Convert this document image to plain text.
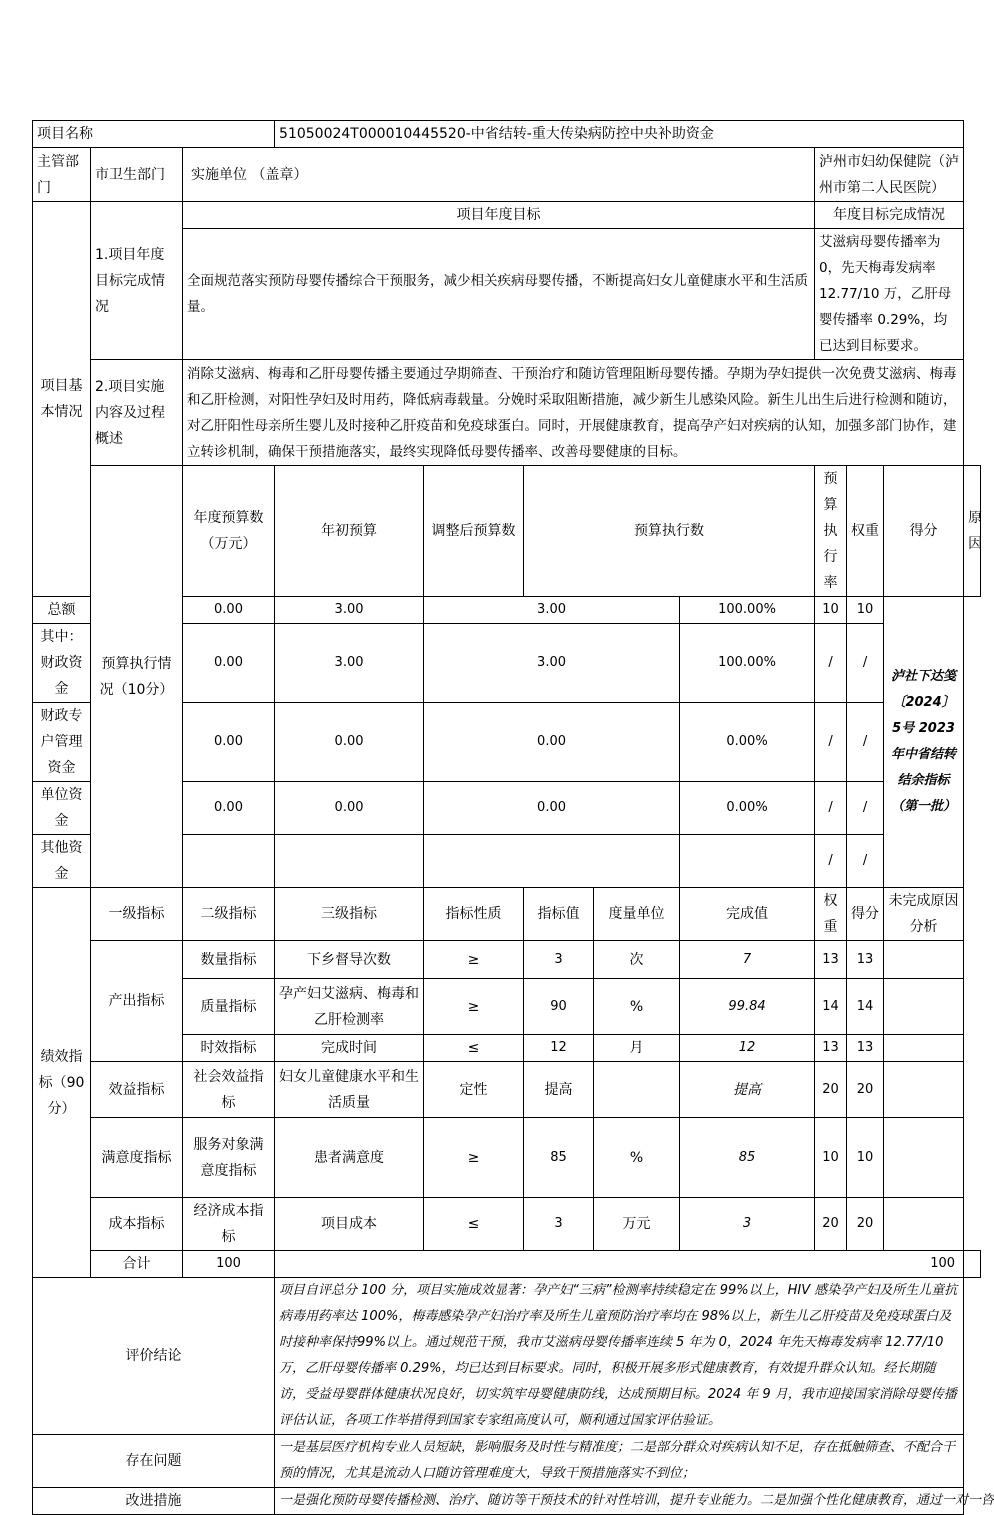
项目名称			51050024T000010445520-中省结转-重大传染病防控中央补助资金								
主管部门	市卫生部门	实施单位 （盖章）						泸州市妇幼保健院（泸州市第二人民医院）			
项目基本情况	1.项目年度目标完成情况	项目年度目标						年度目标完成情况			
		全面规范落实预防母婴传播综合干预服务，减少相关疾病母婴传播，不断提高妇女儿童健康水平和生活质量。						艾滋病母婴传播率为 0，先天梅毒发病率 12.77/10 万，乙肝母婴传播率 0.29%，均已达到目标要求。			
	2.项目实施内容及过程概述	消除艾滋病、梅毒和乙肝母婴传播主要通过孕期筛查、干预治疗和随访管理阻断母婴传播。孕期为孕妇提供一次免费艾滋病、梅毒和乙肝检测，对阳性孕妇及时用药，降低病毒载量。分娩时采取阻断措施，减少新生儿感染风险。新生儿出生后进行检测和随访，对乙肝阳性母亲所生婴儿及时接种乙肝疫苗和免疫球蛋白。同时，开展健康教育，提高孕产妇对疾病的认知，加强多部门协作，建立转诊机制，确保干预措施落实，最终实现降低母婴传播率、改善母婴健康的目标。									
	预算执行情况（10分）	年度预算数（万元）	年初预算	调整后预算数	预算执行数			预算执行率	权重	得分	原因
总额		0.00	3.00	3.00			100.00%	10	10	泸社下达笺〔2024〕5号 2023 年中省结转结余指标（第一批）	
其中：财政资金		0.00	3.00	3.00			100.00%	/	/		
财政专户管理资金		0.00	0.00	0.00			0.00%	/	/		
单位资金		0.00	0.00	0.00			0.00%	/	/		
其他资金								/	/		
绩效指标（90分）	一级指标	二级指标	三级指标	指标性质	指标值	度量单位	完成值	权重	得分	未完成原因分析	
	产出指标	数量指标	下乡督导次数	≥	3	次	7	13	13		
		质量指标	孕产妇艾滋病、梅毒和乙肝检测率	≥	90	%	99.84	14	14		
		时效指标	完成时间	≤	12	月	12	13	13		
	效益指标	社会效益指标	妇女儿童健康水平和生活质量	定性	提高		提高	20	20		
	满意度指标	服务对象满意度指标	患者满意度	≥	85	%	85	10	10		
	成本指标	经济成本指标	项目成本	≤	3	万元	3	20	20		
	合计	100	100								
评价结论			项目自评总分 100 分，项目实施成效显著：孕产妇“三病”检测率持续稳定在 99%以上，HIV 感染孕产妇及所生儿童抗病毒用药率达 100%，梅毒感染孕产妇治疗率及所生儿童预防治疗率均在 98%以上，新生儿乙肝疫苗及免疫球蛋白及时接种率保持99%以上。通过规范干预，我市艾滋病母婴传播率连续 5 年为 0，2024 年先天梅毒发病率 12.77/10 万，乙肝母婴传播率 0.29%，均已达到目标要求。同时，积极开展多形式健康教育，有效提升群众认知。经长期随访，受益母婴群体健康状况良好，切实筑牢母婴健康防线，达成预期目标。2024 年 9 月，我市迎接国家消除母婴传播评估认证，各项工作举措得到国家专家组高度认可，顺利通过国家评估验证。								
存在问题			一是基层医疗机构专业人员短缺，影响服务及时性与精准度；二是部分群众对疾病认知不足，存在抵触筛查、不配合干预的情况，尤其是流动人口随访管理难度大，导致干预措施落实不到位；								
改进措施			一是强化预防母婴传播检测、治疗、随访等干预技术的针对性培训，提升专业能力。二是加强个性化健康教育，通过一对一咨								
